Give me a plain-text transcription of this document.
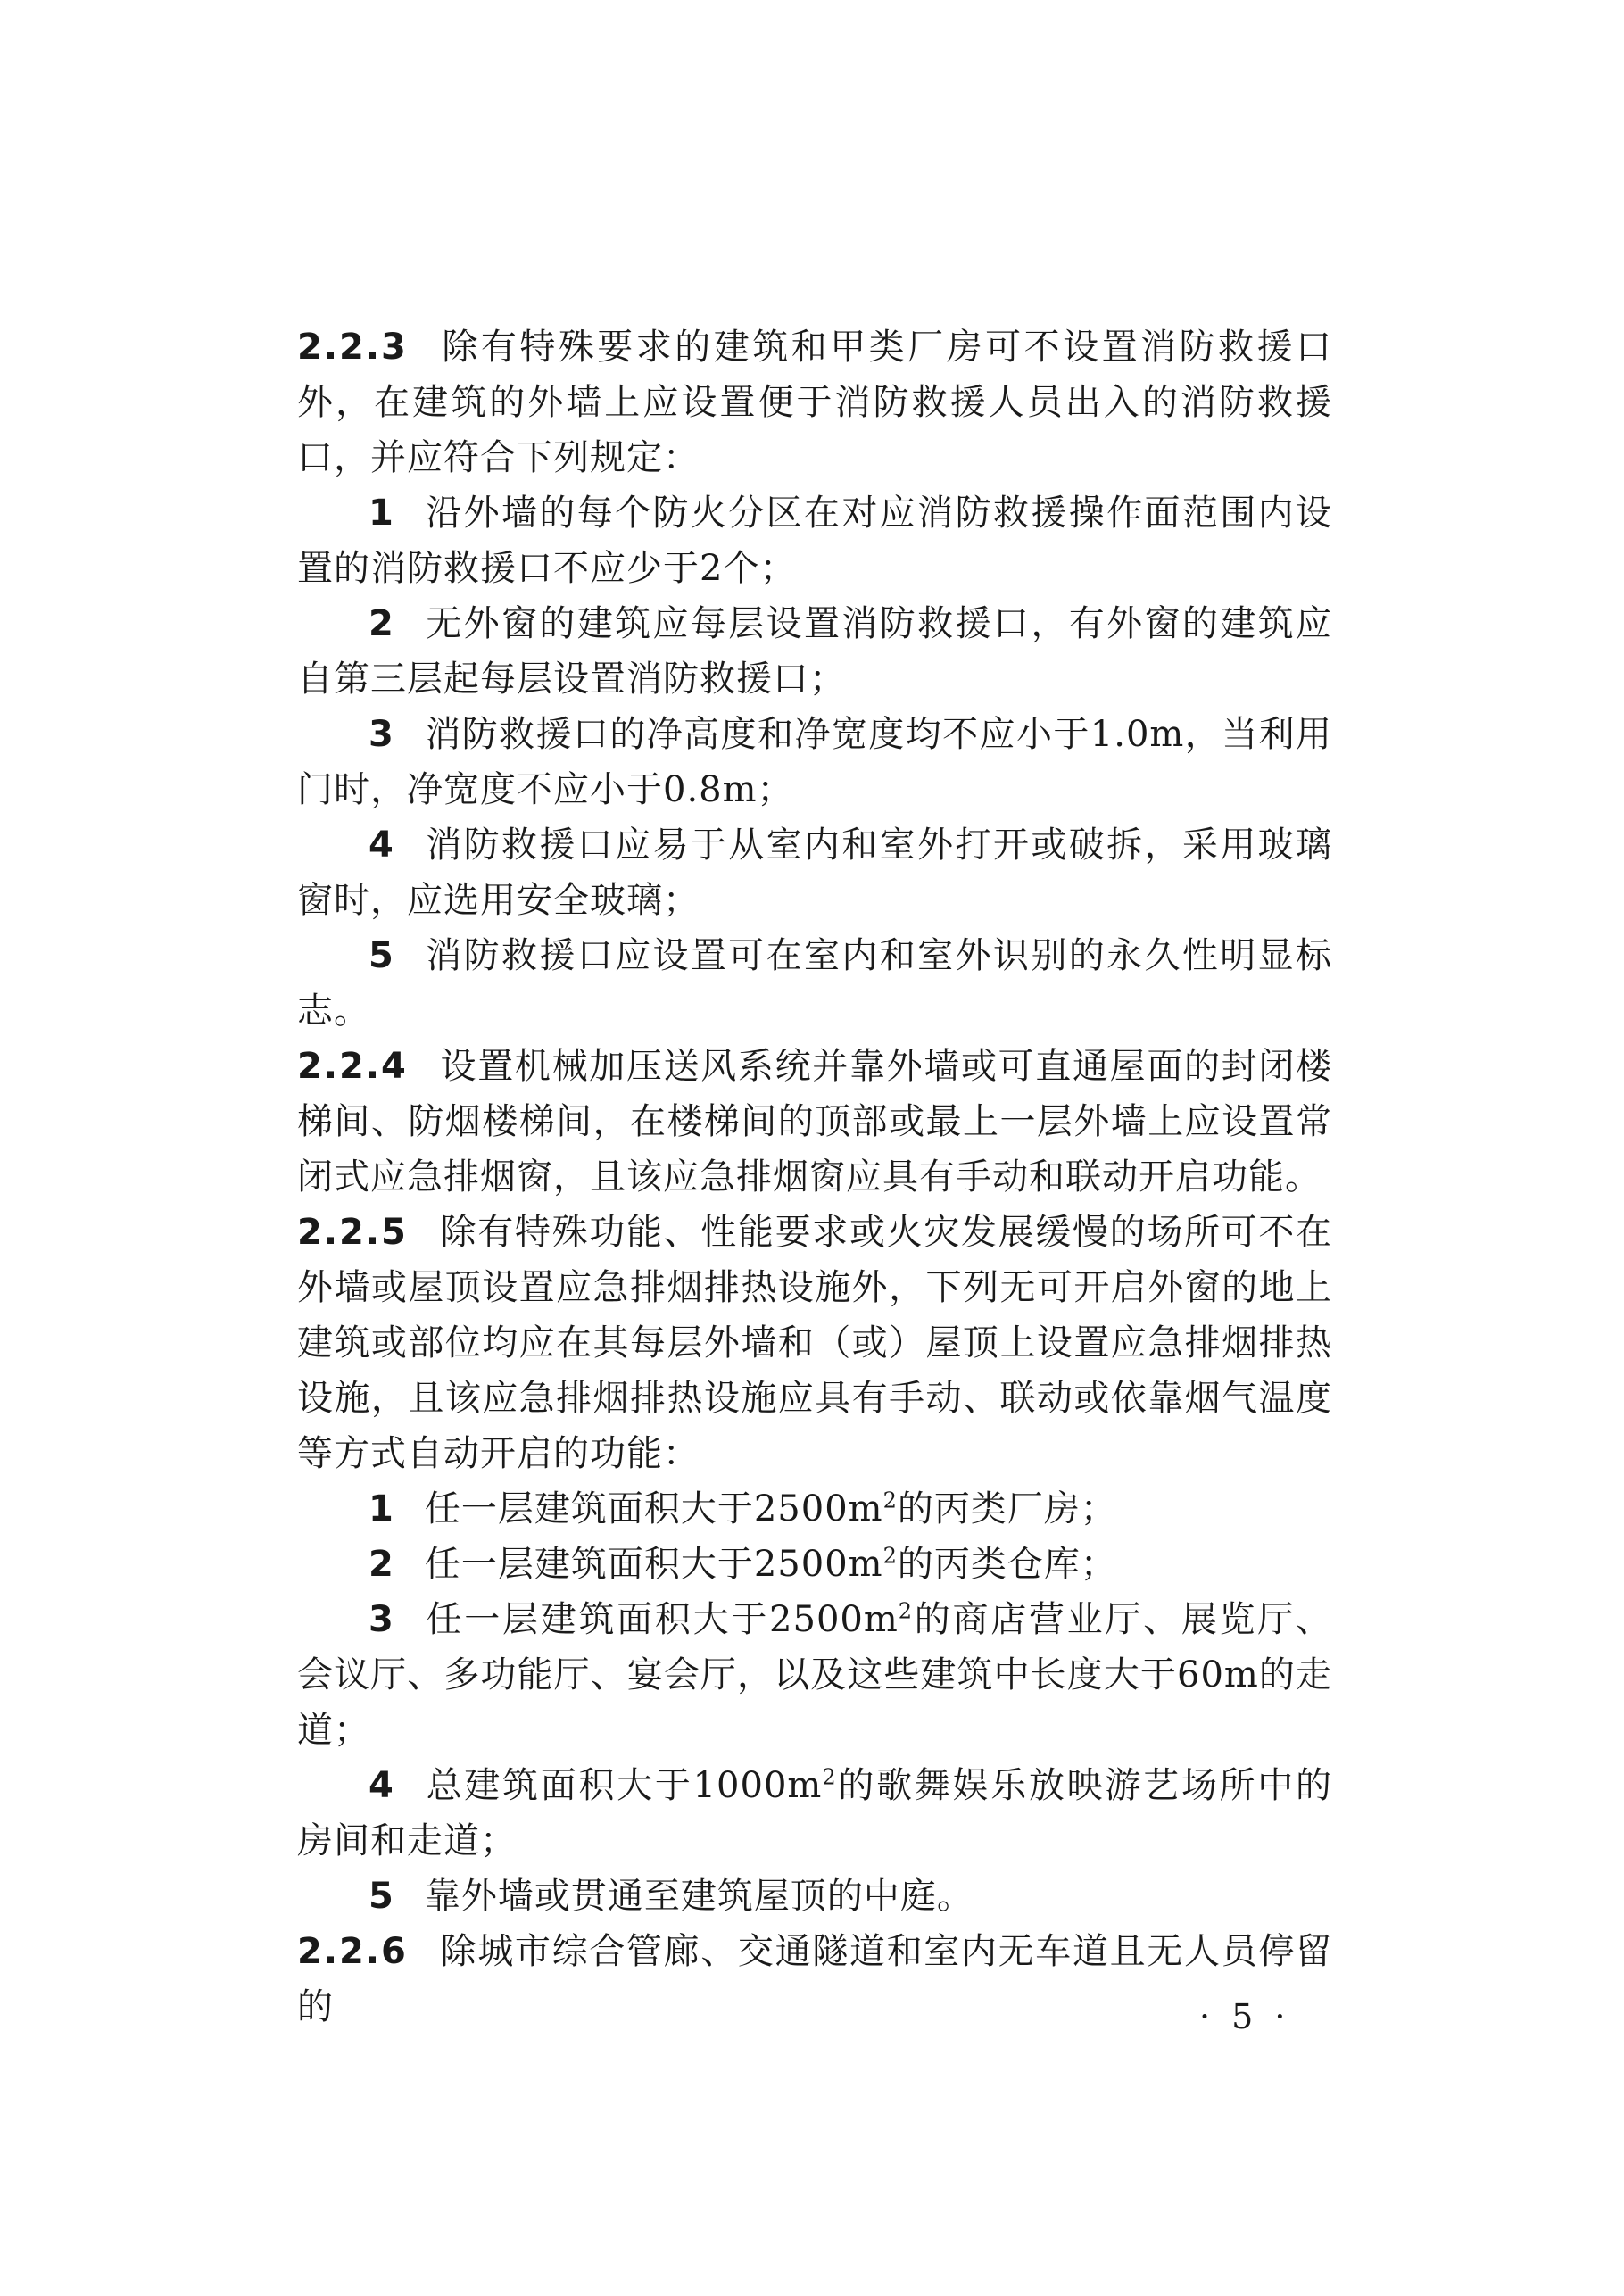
2.2.3 除有特殊要求的建筑和甲类厂房可不设置消防救援口外，在建筑的外墙上应设置便于消防救援人员出入的消防救援口，并应符合下列规定：

1 沿外墙的每个防火分区在对应消防救援操作面范围内设置的消防救援口不应少于2个；

2 无外窗的建筑应每层设置消防救援口，有外窗的建筑应自第三层起每层设置消防救援口；

3 消防救援口的净高度和净宽度均不应小于1.0m，当利用门时，净宽度不应小于0.8m；

4 消防救援口应易于从室内和室外打开或破拆，采用玻璃窗时，应选用安全玻璃；

5 消防救援口应设置可在室内和室外识别的永久性明显标志。

2.2.4 设置机械加压送风系统并靠外墙或可直通屋面的封闭楼梯间、防烟楼梯间，在楼梯间的顶部或最上一层外墙上应设置常闭式应急排烟窗，且该应急排烟窗应具有手动和联动开启功能。

2.2.5 除有特殊功能、性能要求或火灾发展缓慢的场所可不在外墙或屋顶设置应急排烟排热设施外，下列无可开启外窗的地上建筑或部位均应在其每层外墙和（或）屋顶上设置应急排烟排热设施，且该应急排烟排热设施应具有手动、联动或依靠烟气温度等方式自动开启的功能：

1 任一层建筑面积大于$2500m^2$的丙类厂房；

2 任一层建筑面积大于$2500m^2$的丙类仓库；

3 任一层建筑面积大于$2500m^2$的商店营业厅、展览厅、会议厅、多功能厅、宴会厅，以及这些建筑中长度大于60m的走道；

4 总建筑面积大于$1000m^2$的歌舞娱乐放映游艺场所中的房间和走道；

5 靠外墙或贯通至建筑屋顶的中庭。

2.2.6 除城市综合管廊、交通隧道和室内无车道且无人员停留的	· 5 ·
